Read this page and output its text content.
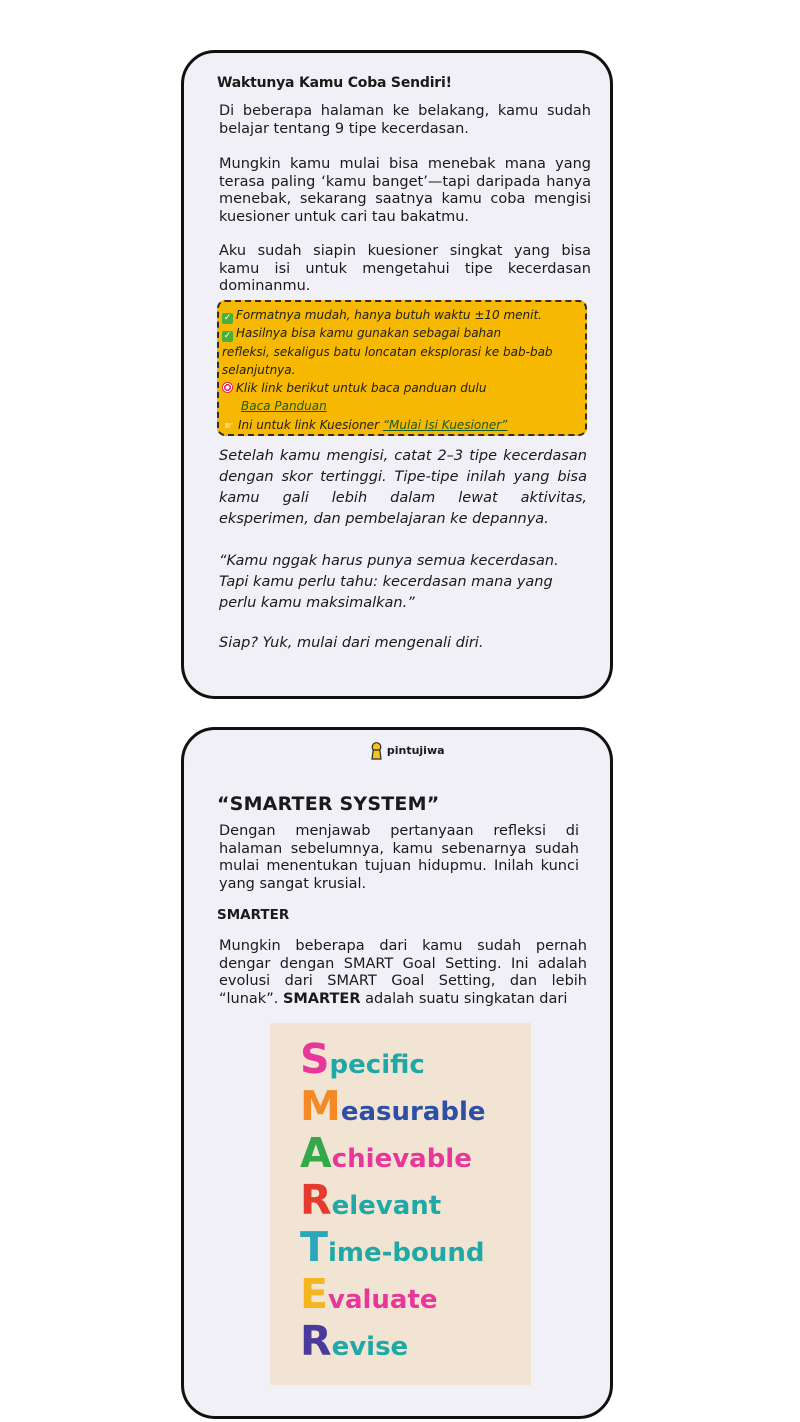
Waktunya Kamu Coba Sendiri!

Di beberapa halaman ke belakang, kamu sudah belajar tentang 9 tipe kecerdasan.

Mungkin kamu mulai bisa menebak mana yang terasa paling ‘kamu banget’—tapi daripada hanya menebak, sekarang saatnya kamu coba mengisi kuesioner untuk cari tau bakatmu.

Aku sudah siapin kuesioner singkat yang bisa kamu isi untuk mengetahui tipe kecerdasan dominanmu.

✓ Formatnya mudah, hanya butuh waktu ±10 menit.
✓ Hasilnya bisa kamu gunakan sebagai bahan
refleksi, sekaligus batu loncatan eksplorasi ke bab-bab
selanjutnya.
Klik link berikut untuk baca panduan dulu
Baca Panduan
☛ Ini untuk link Kuesioner “Mulai Isi Kuesioner”

Setelah kamu mengisi, catat 2–3 tipe kecerdasan dengan skor tertinggi. Tipe-tipe inilah yang bisa kamu gali lebih dalam lewat aktivitas, eksperimen, dan pembelajaran ke depannya.

“Kamu nggak harus punya semua kecerdasan. Tapi kamu perlu tahu: kecerdasan mana yang perlu kamu maksimalkan.”

Siap? Yuk, mulai dari mengenali diri.

pintujiwa
“SMARTER SYSTEM”

Dengan menjawab pertanyaan refleksi di halaman sebelumnya, kamu sebenarnya sudah mulai menentukan tujuan hidupmu. Inilah kunci yang sangat krusial.

SMARTER

Mungkin beberapa dari kamu sudah pernah dengar dengan SMART Goal Setting. Ini adalah evolusi dari SMART Goal Setting, dan lebih “lunak”. SMARTER adalah suatu singkatan dari

Specific
Measurable
Achievable
Relevant
Time-bound
Evaluate
Revise
